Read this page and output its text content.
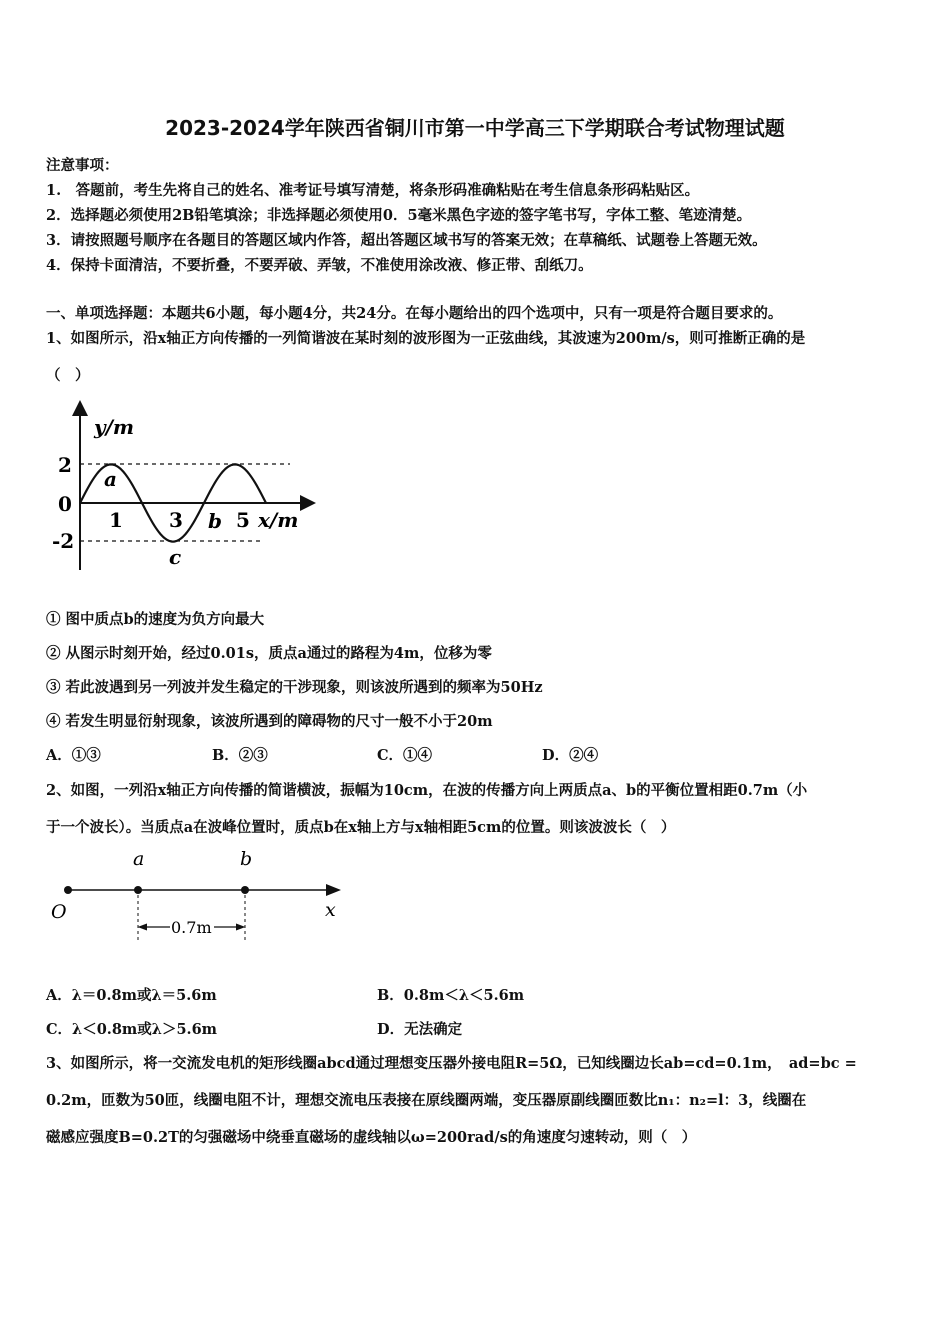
2023-2024学年陕西省铜川市第一中学高三下学期联合考试物理试题
注意事项：
1.　答题前，考生先将自己的姓名、准考证号填写清楚，将条形码准确粘贴在考生信息条形码粘贴区。
2．选择题必须使用2B铅笔填涂；非选择题必须使用0．5毫米黑色字迹的签字笔书写，字体工整、笔迹清楚。
3．请按照题号顺序在各题目的答题区域内作答，超出答题区域书写的答案无效；在草稿纸、试题卷上答题无效。
4．保持卡面清洁，不要折叠，不要弄破、弄皱，不准使用涂改液、修正带、刮纸刀。
一、单项选择题：本题共6小题，每小题4分，共24分。在每小题给出的四个选项中，只有一项是符合题目要求的。
1、如图所示，沿x轴正方向传播的一列简谐波在某时刻的波形图为一正弦曲线，其波速为200m/s，则可推断正确的是
（　）
y/m
2
0
-2
1 3	5 x/m
a
b
c
① 图中质点b的速度为负方向最大
② 从图示时刻开始，经过0.01s，质点a通过的路程为4m，位移为零
③ 若此波遇到另一列波并发生稳定的干涉现象，则该波所遇到的频率为50Hz
④ 若发生明显衍射现象，该波所遇到的障碍物的尺寸一般不小于20m
A．①③	B．②③	C．①④	D．②④
2、如图，一列沿x轴正方向传播的简谐横波，振幅为10cm，在波的传播方向上两质点a、b的平衡位置相距0.7m（小
于一个波长）。当质点a在波峰位置时，质点b在x轴上方与x轴相距5cm的位置。则该波波长（　）
a	b
O	x
0.7m
A．λ＝0.8m或λ＝5.6m	B．0.8m＜λ＜5.6m
C．λ＜0.8m或λ＞5.6m	D．无法确定
3、如图所示，将一交流发电机的矩形线圈abcd通过理想变压器外接电阻R=5Ω，已知线圈边长ab=cd=0.1m，　ad=bc =
0.2m，匝数为50匝，线圈电阻不计，理想交流电压表接在原线圈两端，变压器原副线圈匝数比n₁：n₂=l：3，线圈在
磁感应强度B=0.2T的匀强磁场中绕垂直磁场的虚线轴以ω=200rad/s的角速度匀速转动，则（　）
